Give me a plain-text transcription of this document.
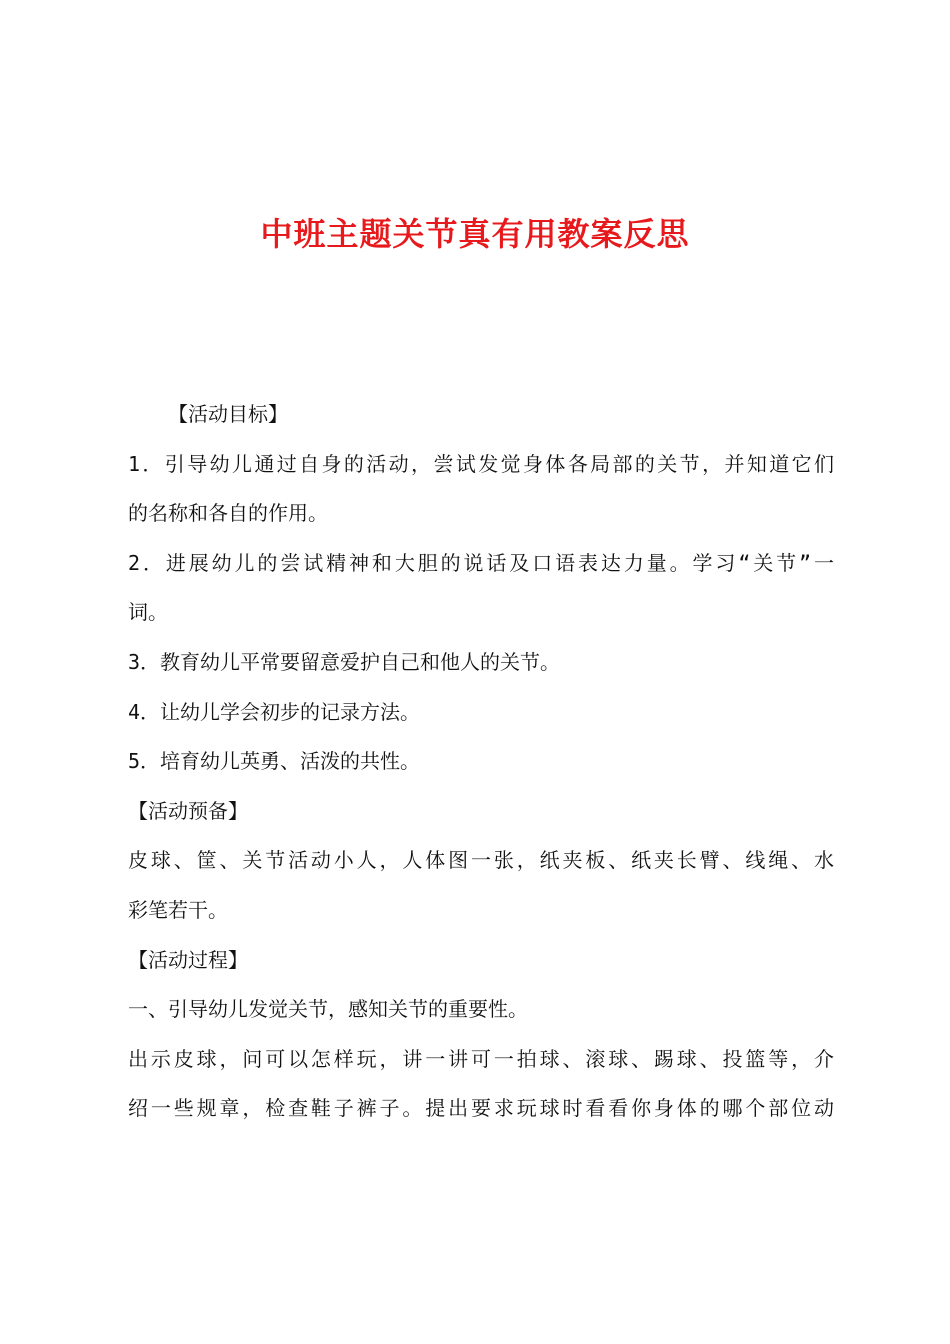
中班主题关节真有用教案反思
【活动目标】
1．引导幼儿通过自身的活动，尝试发觉身体各局部的关节，并知道它们
的名称和各自的作用。
2．进展幼儿的尝试精神和大胆的说话及口语表达力量。学习“关节”一
词。
3．教育幼儿平常要留意爱护自己和他人的关节。
4．让幼儿学会初步的记录方法。
5．培育幼儿英勇、活泼的共性。
【活动预备】
皮球、筐、关节活动小人，人体图一张，纸夹板、纸夹长臂、线绳、水
彩笔若干。
【活动过程】
一、引导幼儿发觉关节，感知关节的重要性。
出示皮球，问可以怎样玩，讲一讲可一拍球、滚球、踢球、投篮等，介
绍一些规章，检查鞋子裤子。提出要求玩球时看看你身体的哪个部位动
